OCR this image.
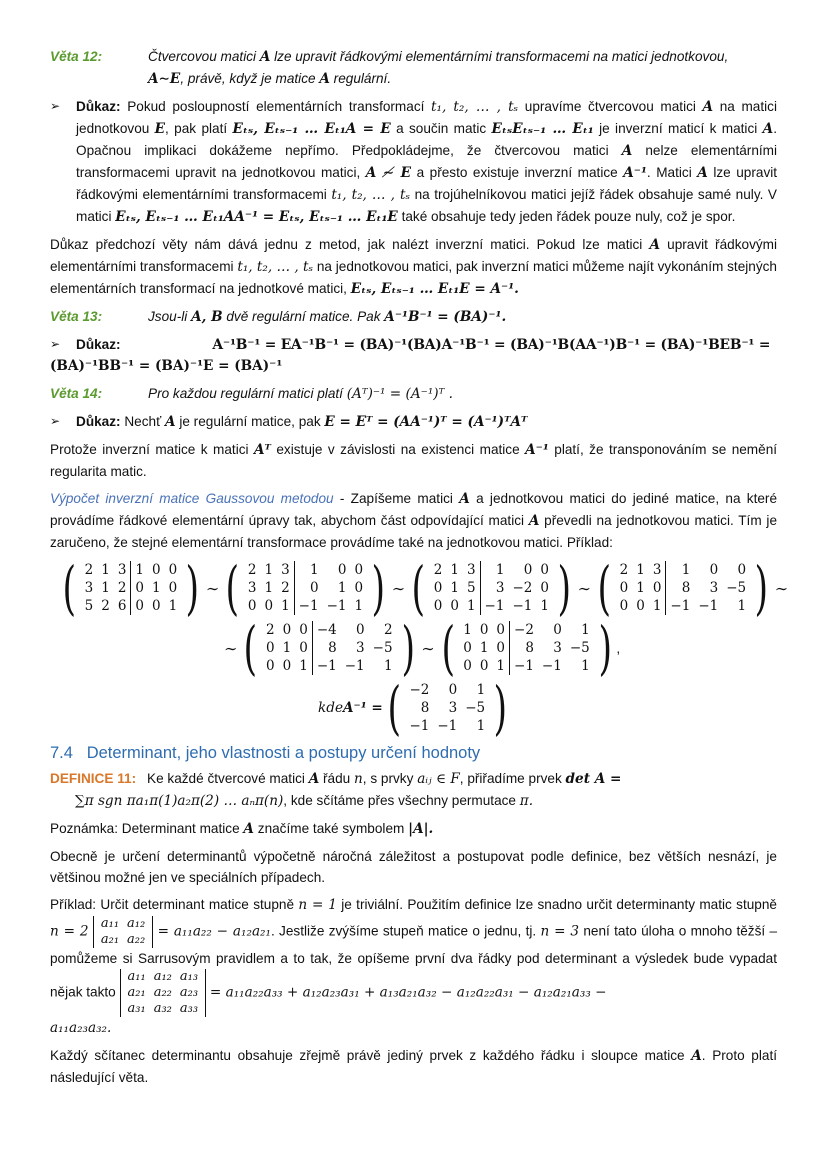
Věta 12:	Čtvercovou matici A lze upravit řádkovými elementárními transformacemi na matici jednotkovou,
A∼E, právě, když je matice A regulární.
➢	Důkaz: Pokud posloupností elementárních transformací t₁, t₂, … , tₛ upravíme čtvercovou matici A na matici jednotkovou E, pak platí Eₜₛ, Eₜₛ₋₁ … Eₜ₁A = E a součin matic EₜₛEₜₛ₋₁ … Eₜ₁ je inverzní maticí k matici A. Opačnou implikaci dokážeme nepřímo. Předpokládejme, že čtvercovou matici A nelze elementárními transformacemi upravit na jednotkovou matici, A ≁ E a přesto existuje inverzní matice A⁻¹. Matici A lze upravit řádkovými elementárními transformacemi t₁, t₂, … , tₛ na trojúhelníkovou matici jejíž řádek obsahuje samé nuly. V matici Eₜₛ, Eₜₛ₋₁ … Eₜ₁AA⁻¹ = Eₜₛ, Eₜₛ₋₁ … Eₜ₁E také obsahuje tedy jeden řádek pouze nuly, což je spor.

Důkaz předchozí věty nám dává jednu z metod, jak nalézt inverzní matici. Pokud lze matici A upravit řádkovými elementárními transformacemi t₁, t₂, … , tₛ na jednotkovou matici, pak inverzní matici můžeme najít vykonáním stejných elementárních transformací na jednotkové matici, Eₜₛ, Eₜₛ₋₁ … Eₜ₁E = A⁻¹.

Věta 13:	Jsou-li A, B dvě regulární matice. Pak A⁻¹B⁻¹ = (BA)⁻¹.
➢	Důkaz:	A⁻¹B⁻¹ = EA⁻¹B⁻¹ = (BA)⁻¹(BA)A⁻¹B⁻¹ = (BA)⁻¹B(AA⁻¹)B⁻¹ = (BA)⁻¹BEB⁻¹ =
(BA)⁻¹BB⁻¹ = (BA)⁻¹E = (BA)⁻¹
Věta 14:	Pro každou regulární matici platí (Aᵀ)⁻¹ = (A⁻¹)ᵀ .
➢	Důkaz: Nechť A je regulární matice, pak E = Eᵀ = (AA⁻¹)ᵀ = (A⁻¹)ᵀAᵀ

Protože inverzní matice k matici Aᵀ existuje v závislosti na existenci matice A⁻¹ platí, že transponováním se nemění regularita matic.

Výpočet inverzní matice Gaussovou metodou - Zapíšeme matici A a jednotkovou matici do jediné matice, na které provádíme řádkové elementární úpravy tak, abychom část odpovídající matici A převedli na jednotkovou matici. Tím je zaručeno, že stejné elementární transformace provádíme také na jednotkovou matici. Příklad:

( 2	1	3	1	0	0
3	1	2	0	1	0
5	2	6	0	0	1 ) ∼ ( 2	1	3	1	0	0
3	1	2	0	1	0
0	0	1	−1	−1	1 ) ∼ ( 2	1	3	1	0	0
0	1	5	3	−2	0
0	0	1	−1	−1	1 ) ∼ ( 2	1	3	1	0	0
0	1	0	8	3	−5
0	0	1	−1	−1	1 ) ∼
∼ ( 2	0	0	−4	0	2
0	1	0	8	3	−5
0	0	1	−1	−1	1 ) ∼ ( 1	0	0	−2	0	1
0	1	0	8	3	−5
0	0	1	−1	−1	1 ) ,
kde A⁻¹ = ( −2	0	1
8	3	−5
−1	−1	1 )
7.4 Determinant, jeho vlastnosti a postupy určení hodnoty
DEFINICE 11: Ke každé čtvercové matici A řádu n, s prvky aᵢⱼ ∈ F, přiřadíme prvek det A =

∑π sgn πa₁π(1)a₂π(2) … aₙπ(n), kde sčítáme přes všechny permutace π.

Poznámka: Determinant matice A značíme také symbolem |A|.

Obecně je určení determinantů výpočetně náročná záležitost a postupovat podle definice, bez větších nesnází, je většinou možné jen ve speciálních případech.

Příklad: Určit determinant matice stupně n = 1 je triviální. Použitím definice lze snadno určit determinanty matic stupně n = 2
a₁₁	a₁₂
a₂₁	a₂₂ = a₁₁a₂₂ − a₁₂a₂₁. Jestliže zvýšíme stupeň matice o jednu, tj. n = 3 není tato úloha o mnoho těžší – pomůžeme si Sarrusovým pravidlem a to tak, že opíšeme první dva řádky pod determinant a výsledek bude vypadat nějak takto
a₁₁	a₁₂	a₁₃
a₂₁	a₂₂	a₂₃
a₃₁	a₃₂	a₃₃
= a₁₁a₂₂a₃₃ + a₁₂a₂₃a₃₁ + a₁₃a₂₁a₃₂ − a₁₂a₂₂a₃₁ − a₁₂a₂₁a₃₃ −
a₁₁a₂₃a₃₂.

Každý sčítanec determinantu obsahuje zřejmě právě jediný prvek z každého řádku i sloupce matice A. Proto platí následující věta.
